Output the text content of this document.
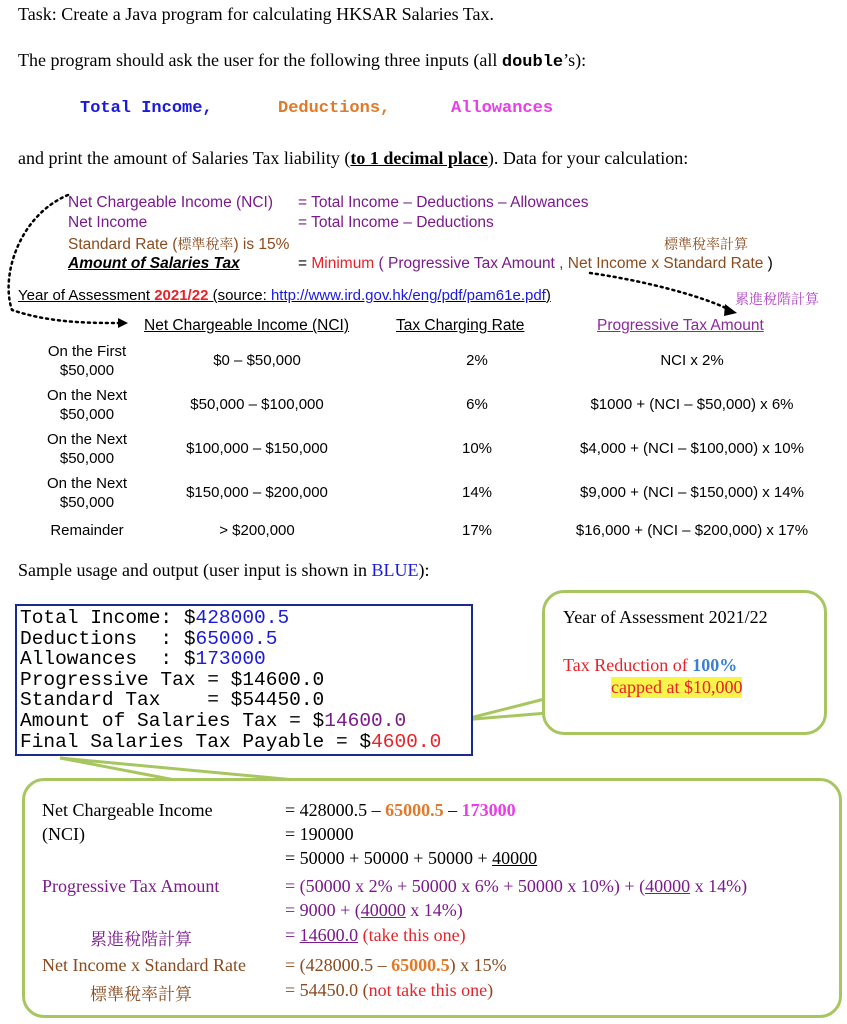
Task: Create a Java program for calculating HKSAR Salaries Tax.
The program should ask the user for the following three inputs (all double’s):
Total Income,	Deductions,	Allowances
and print the amount of Salaries Tax liability (to 1 decimal place). Data for your calculation:
Net Chargeable Income (NCI) = Total Income – Deductions – Allowances
Net Income	= Total Income – Deductions
Standard Rate (標準稅率) is 15%	標準稅率計算
Amount of Salaries Tax	= Minimum ( Progressive Tax Amount , Net Income x Standard Rate )
Year of Assessment 2021/22 (source: http://www.ird.gov.hk/eng/pdf/pam61e.pdf)	累進稅階計算
Net Chargeable Income (NCI)	Tax Charging Rate	Progressive Tax Amount
On the First
$50,000
$0 – $50,000	2%	NCI x 2%
On the Next
$50,000
$50,000 – $100,000	6%	$1000 + (NCI – $50,000) x 6%
On the Next
$50,000
$100,000 – $150,000	10%	$4,000 + (NCI – $100,000) x 10%
On the Next
$50,000
$150,000 – $200,000	14%	$9,000 + (NCI – $150,000) x 14%
Remainder	> $200,000	17%	$16,000 + (NCI – $200,000) x 17%
Sample usage and output (user input is shown in BLUE):
Total Income: $428000.5
Deductions  : $65000.5
Allowances  : $173000
Progressive Tax = $14600.0
Standard Tax    = $54450.0
Amount of Salaries Tax = $14600.0
Final Salaries Tax Payable = $4600.0
Year of Assessment 2021/22
Tax Reduction of 100%
capped at $10,000
Net Chargeable Income
(NCI)
= 428000.5 – 65000.5 – 173000
= 190000
= 50000 + 50000 + 50000 + 40000
Progressive Tax Amount	= (50000 x 2% + 50000 x 6% + 50000 x 10%) + (40000 x 14%)
= 9000 + (40000 x 14%)
累進稅階計算	= 14600.0 (take this one)
Net Income x Standard Rate = (428000.5 – 65000.5) x 15%
標準稅率計算	= 54450.0 (not take this one)
